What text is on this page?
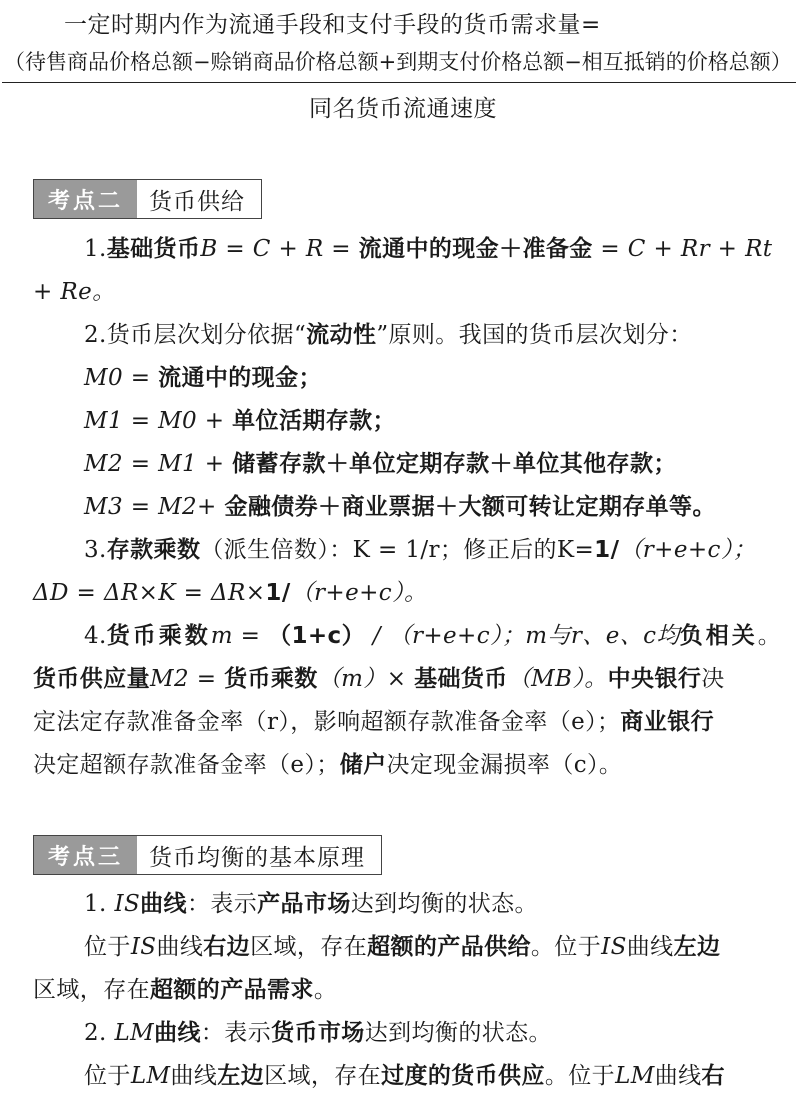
一定时期内作为流通手段和支付手段的货币需求量=
（待售商品价格总额−赊销商品价格总额+到期支付价格总额−相互抵销的价格总额）
同名货币流通速度
考点二	货币供给
1.基础货币B = C + R = 流通中的现金＋准备金 = C + Rr + Rt
+ Re。
2.货币层次划分依据“流动性”原则。我国的货币层次划分：
M0 = 流通中的现金；
M1 = M0 + 单位活期存款；
M2 = M1 + 储蓄存款＋单位定期存款＋单位其他存款；
M3 = M2+ 金融债券＋商业票据＋大额可转让定期存单等。
3.存款乘数（派生倍数）：K = 1/r；修正后的K=1/（r+e+c）；
ΔD = ΔR×K = ΔR×1/（r+e+c）。
4.货币乘数m = （1+c） / （r+e+c）；m与r、e、c均负相关。
货币供应量M2 = 货币乘数（m）× 基础货币（MB）。中央银行决
定法定存款准备金率（r），影响超额存款准备金率（e）；商业银行
决定超额存款准备金率（e）；储户决定现金漏损率（c）。
考点三	货币均衡的基本原理
1. IS曲线：表示产品市场达到均衡的状态。
位于IS曲线右边区域，存在超额的产品供给。位于IS曲线左边
区域，存在超额的产品需求。
2. LM曲线：表示货币市场达到均衡的状态。
位于LM曲线左边区域，存在过度的货币供应。位于LM曲线右
